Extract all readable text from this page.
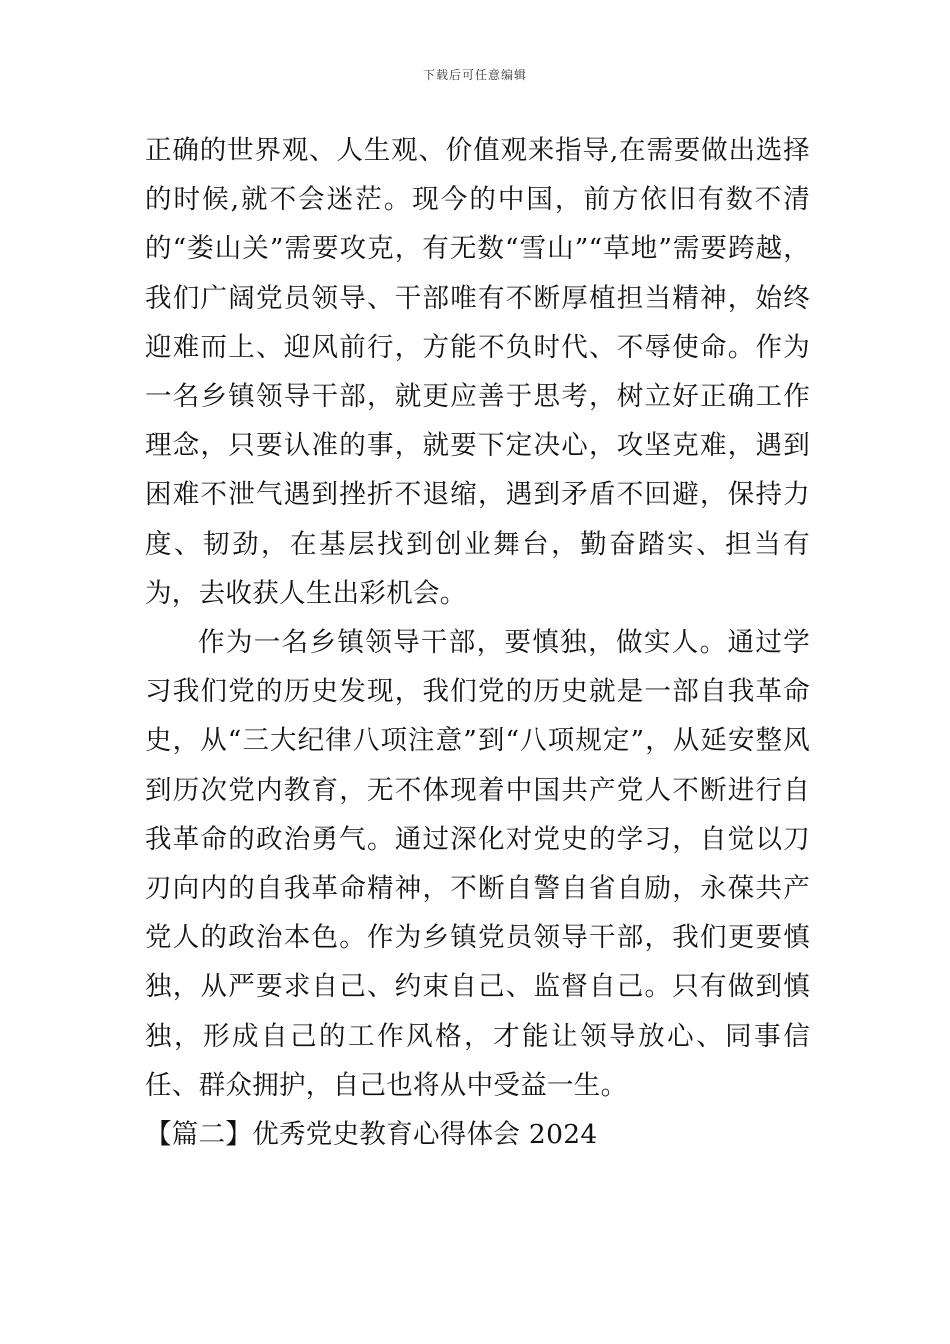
下载后可任意编辑

正确的世界观、人生观、价值观来指导,在需要做出选择的时候,就不会迷茫。现今的中国，前方依旧有数不清的“娄山关”需要攻克，有无数“雪山”“草地”需要跨越，我们广阔党员领导、干部唯有不断厚植担当精神，始终迎难而上、迎风前行，方能不负时代、不辱使命。作为一名乡镇领导干部，就更应善于思考，树立好正确工作理念，只要认准的事，就要下定决心，攻坚克难，遇到困难不泄气遇到挫折不退缩，遇到矛盾不回避，保持力度、韧劲，在基层找到创业舞台，勤奋踏实、担当有为，去收获人生出彩机会。

作为一名乡镇领导干部，要慎独，做实人。通过学习我们党的历史发现，我们党的历史就是一部自我革命史，从“三大纪律八项注意”到“八项规定”，从延安整风到历次党内教育，无不体现着中国共产党人不断进行自我革命的政治勇气。通过深化对党史的学习，自觉以刀刃向内的自我革命精神，不断自警自省自励，永葆共产党人的政治本色。作为乡镇党员领导干部，我们更要慎独，从严要求自己、约束自己、监督自己。只有做到慎独，形成自己的工作风格，才能让领导放心、同事信任、群众拥护，自己也将从中受益一生。

【篇二】优秀党史教育心得体会 2024
